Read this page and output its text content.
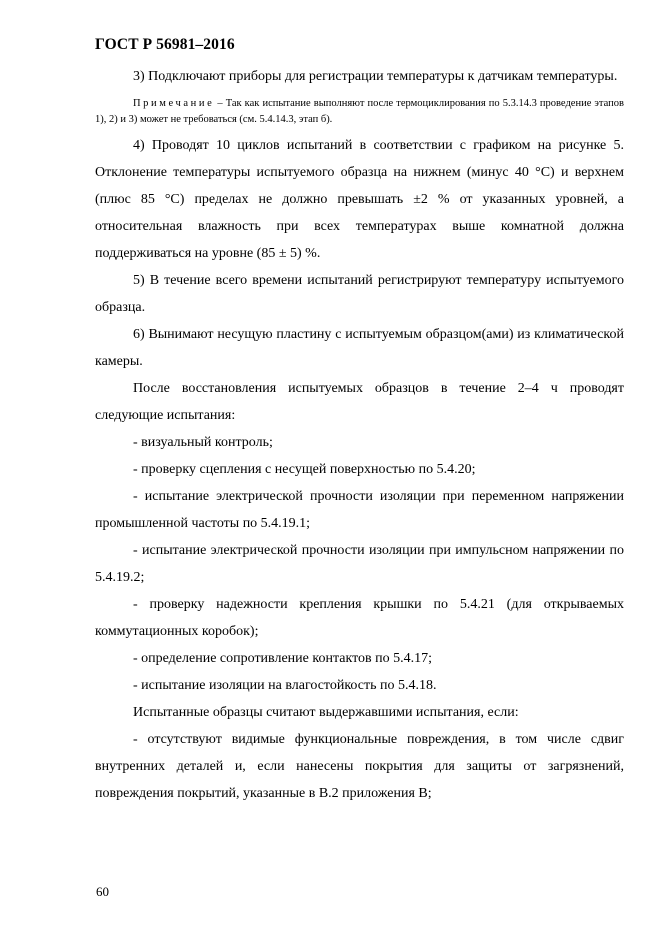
ГОСТ Р 56981–2016

3) Подключают приборы для регистрации температуры к датчикам температуры.

Примечание – Так как испытание выполняют после термоциклирования по 5.3.14.3 проведение этапов 1), 2) и 3) может не требоваться (см. 5.4.14.3, этап б).

4) Проводят 10 циклов испытаний в соответствии с графиком на рисунке 5. Отклонение температуры испытуемого образца на нижнем (минус 40 °С) и верхнем (плюс 85 °С) пределах не должно превышать ±2 % от указанных уровней, а относительная влажность при всех температурах выше комнатной должна поддерживаться на уровне (85 ± 5) %.

5) В течение всего времени испытаний регистрируют температуру испытуемого образца.

6) Вынимают несущую пластину с испытуемым образцом(ами) из климатической камеры.

После восстановления испытуемых образцов в течение 2–4 ч проводят следующие испытания:

- визуальный контроль;

- проверку сцепления с несущей поверхностью по 5.4.20;

- испытание электрической прочности изоляции при переменном напряжении промышленной частоты по 5.4.19.1;

- испытание электрической прочности изоляции при импульсном напряжении по 5.4.19.2;

- проверку надежности крепления крышки по 5.4.21 (для открываемых коммутационных коробок);

- определение сопротивление контактов по 5.4.17;

- испытание изоляции на влагостойкость по 5.4.18.

Испытанные образцы считают выдержавшими испытания, если:

- отсутствуют видимые функциональные повреждения, в том числе сдвиг внутренних деталей и, если нанесены покрытия для защиты от загрязнений, повреждения покрытий, указанные в В.2 приложения В;

60
